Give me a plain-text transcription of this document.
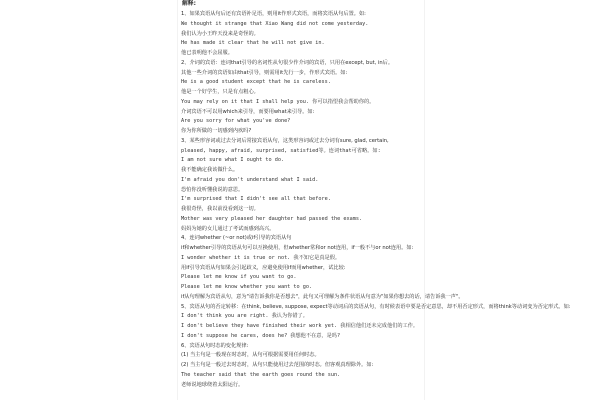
解释:
1、如果宾语从句后还有宾语补足语，则用it作形式宾语，而将宾语从句后置。如:
We thought it strange that Xiao Wang did not come yesterday.
我们认为小王昨天没来是奇怪的。
He has made it clear that he will not give in.
他已表明他不会屈服。
2、介词的宾语：连词that引导的名词性从句很少作介词的宾语，只用在except, but, in后。
其他一些介词的宾语如由that引导，则需用it先行一步，作形式宾语。如:
He is a good student except that he is careless.
他是一个好学生，只是有点粗心。
You may rely on it that I shall help you. 你可以指望我会帮助你的。
介词宾语不可以用which来引导，而要用what来引导。如:
Are you sorry for what you've done?
你为你所做的一切感到内疚吗?
3、某些形容词或过去分词后常接宾语从句，这类形容词或过去分词有sure, glad, certain,
pleased, happy, afraid, surprised, satisfied等。连词that可省略。如:
I am not sure what I ought to do.
我不能确定我该做什么。
I'm afraid you don't understand what I said.
恐怕你没听懂我说的意思。
I'm surprised that I didn't see all that before.
我很奇怪，我以前没看到这一切。
Mother was very pleased her daughter had passed the exams.
妈妈为她的女儿通过了考试而感到高兴。
4、连词whether (~or not)或if引导的宾语从句
if和whether引导的宾语从句可以互换使用，但whether常和or not连用，if一般不与or not连用。如:
I wonder whether it is true or not. 我不知它是真是假。
用if引导宾语从句如果会引起歧义，应避免使用if而用whether，试比较:
Please let me know if you want to go.
Please let me know whether you want to go.
if从句理解为宾语从句，意为"请告诉我你是否想去"，此句又可理解为条件状语从句意为"如果你想去的话，请告诉我一声"。
5、宾语从句的否定转移：在think, believe, suppose, expect等动词后的宾语从句，有时候表语中要是否定意思，却不用否定形式，而将think等动词变为否定形式。如:
I don't think you are right. 我认为你错了。
I don't believe they have finished their work yet. 我相信他们还未完成他们的工作。
I don't suppose he cares, does he? 我想他不在意，是吗?
6、宾语从句时态的变化规律:
(1) 当主句是一般现在时态时，从句可根据需要用任何时态。
(2) 当主句是一般过去时态时，从句只能使用过去范围的时态。但客观真理除外。如:
The teacher said that the earth goes round the sun.
老师说地球绕着太阳运行。
